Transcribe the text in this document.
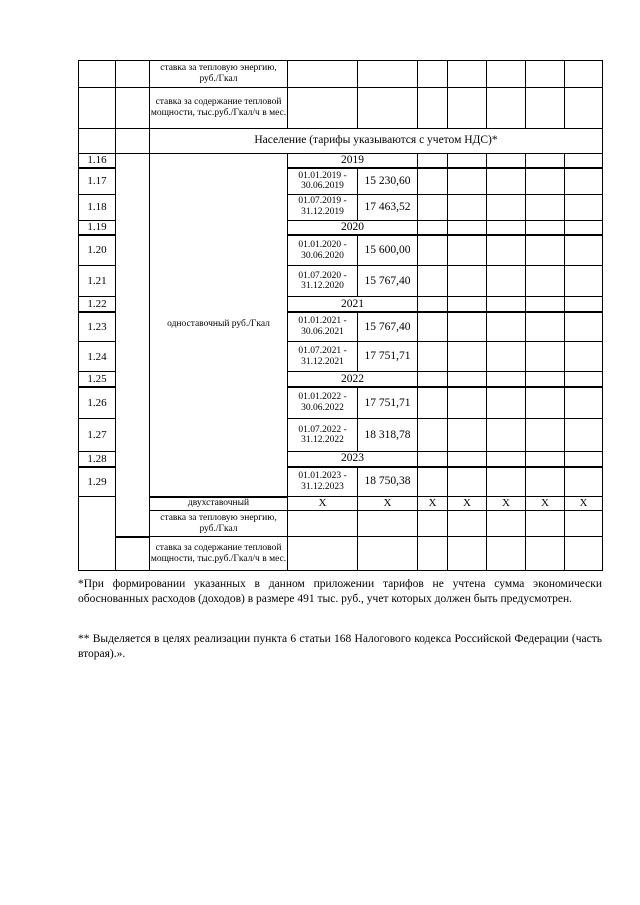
		ставка за тепловую энергию, руб./Гкал							
		ставка за содержание тепловой мощности, тыс.руб./Гкал/ч в мес.							
		Население (тарифы указываются с учетом НДС)*							
1.16		одноставочный руб./Гкал	2019						
1.17			01.01.2019 - 30.06.2019	15 230,60					
1.18			01.07.2019 - 31.12.2019	17 463,52					
1.19			2020						
1.20			01.01.2020 - 30.06.2020	15 600,00					
1.21			01.07.2020 - 31.12.2020	15 767,40					
1.22			2021						
1.23			01.01.2021 - 30.06.2021	15 767,40					
1.24			01.07.2021 - 31.12.2021	17 751,71					
1.25			2022						
1.26			01.01.2022 - 30.06.2022	17 751,71					
1.27			01.07.2022 - 31.12.2022	18 318,78					
1.28			2023						
1.29			01.01.2023 - 31.12.2023	18 750,38					
		двухставочный	X	X	X	X	X	X	X
		ставка за тепловую энергию, руб./Гкал							
		ставка за содержание тепловой мощности, тыс.руб./Гкал/ч в мес.							
*При формировании указанных в данном приложении тарифов не учтена сумма экономически обоснованных расходов (доходов) в размере 491 тыс. руб., учет которых должен быть предусмотрен.
** Выделяется в целях реализации пункта 6 статьи 168 Налогового кодекса Российской Федерации (часть вторая).».
